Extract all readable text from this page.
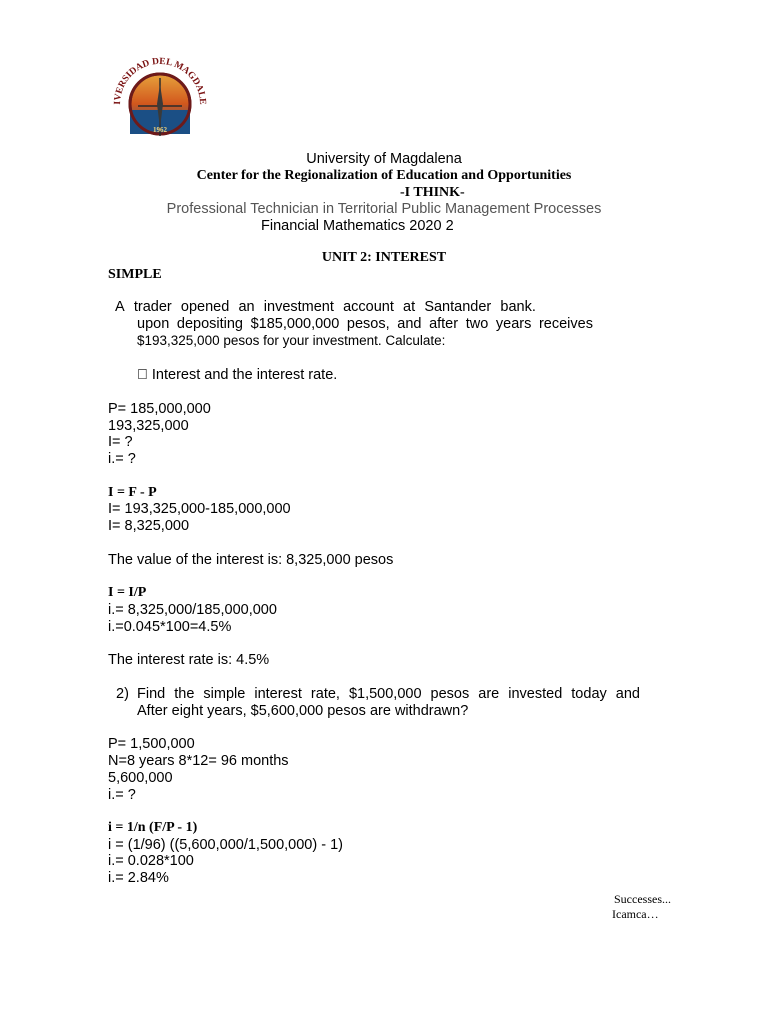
IVERSIDAD DEL MAGDALE
1962
University of Magdalena
Center for the Regionalization of Education and Opportunities
-I THINK-
Professional Technician in Territorial Public Management Processes
Financial Mathematics 2020 2
UNIT 2: INTEREST
SIMPLE
A trader opened an investment account at Santander bank.
upon depositing $185,000,000 pesos, and after two years receives
$193,325,000 pesos for your investment. Calculate:
Interest and the interest rate.
P= 185,000,000
193,325,000
I= ?
i.= ?
I = F - P
I= 193,325,000-185,000,000
I= 8,325,000
The value of the interest is: 8,325,000 pesos
I = I/P
i.= 8,325,000/185,000,000
i.=0.045*100=4.5%
The interest rate is: 4.5%
2) Find the simple interest rate, $1,500,000 pesos are invested today and
After eight years, $5,600,000 pesos are withdrawn?
P= 1,500,000
N=8 years 8*12= 96 months
5,600,000
i.= ?
i = 1/n (F/P - 1)
i = (1/96) ((5,600,000/1,500,000) - 1)
i.= 0.028*100
i.= 2.84%
Successes...
Icamca…
